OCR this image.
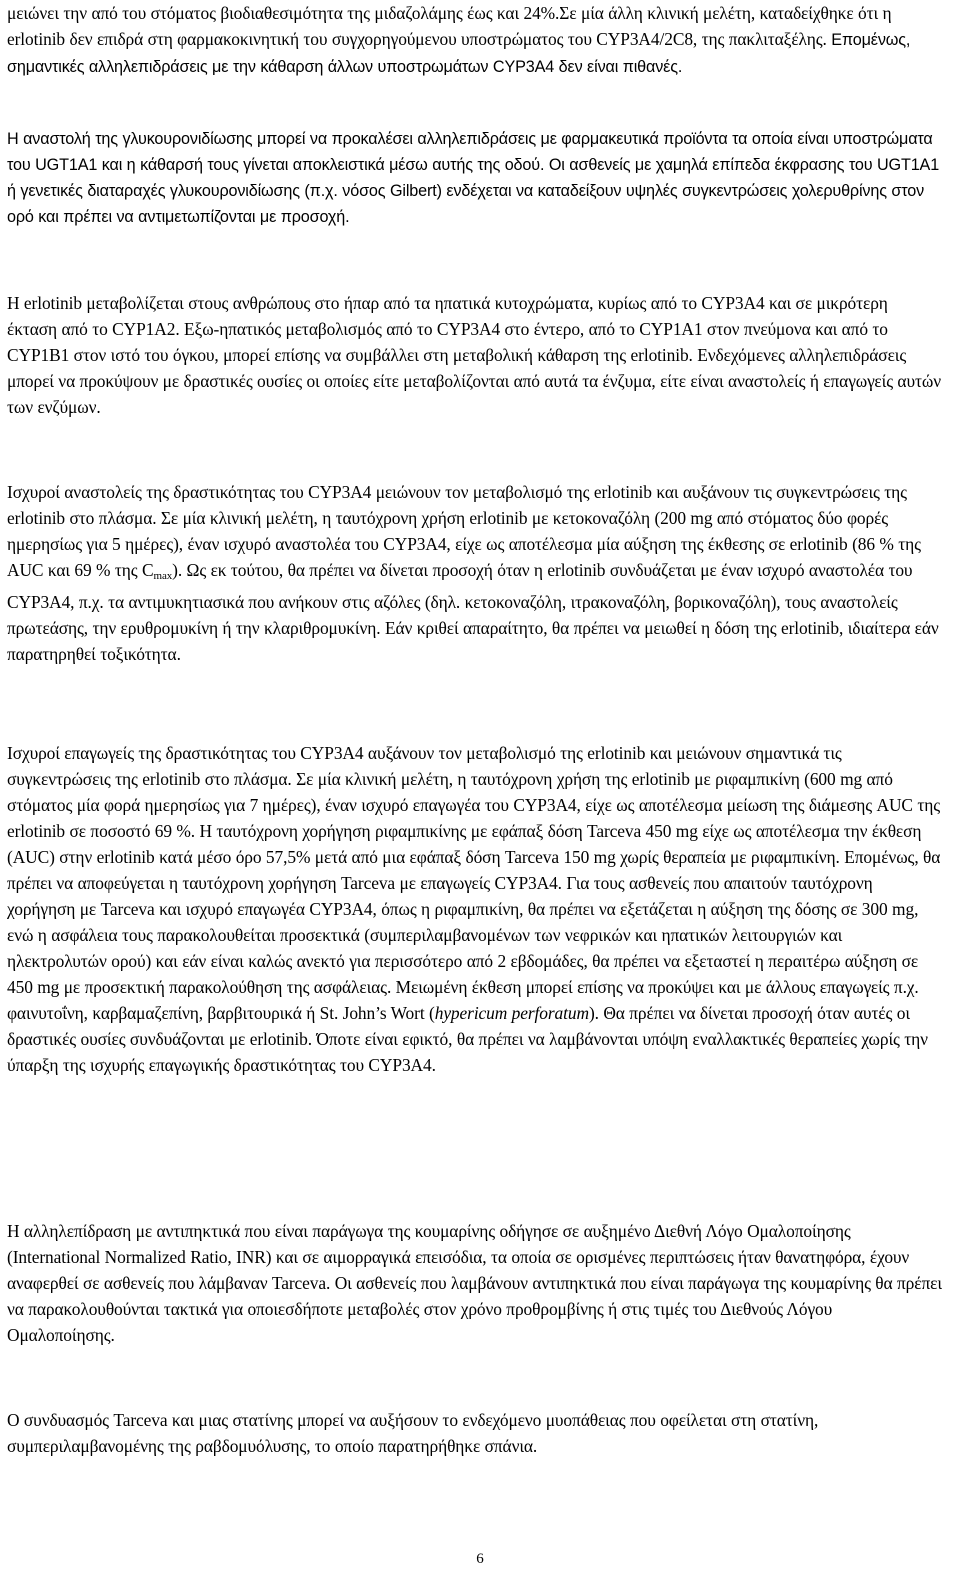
μειώνει την από του στόματος βιοδιαθεσιμότητα της μιδαζολάμης έως και 24%.Σε μία άλλη κλινική μελέτη, καταδείχθηκε ότι η erlotinib δεν επιδρά στη φαρμακοκινητική του συγχορηγούμενου υποστρώματος του CYP3A4/2C8, της πακλιταξέλης. Επομένως, σημαντικές αλληλεπιδράσεις με την κάθαρση άλλων υποστρωμάτων CYP3A4 δεν είναι πιθανές.

Η αναστολή της γλυκουρονιδίωσης μπορεί να προκαλέσει αλληλεπιδράσεις με φαρμακευτικά προϊόντα τα οποία είναι υποστρώματα του UGT1A1 και η κάθαρσή τους γίνεται αποκλειστικά μέσω αυτής της οδού. Οι ασθενείς με χαμηλά επίπεδα έκφρασης του UGT1A1 ή γενετικές διαταραχές γλυκουρονιδίωσης (π.χ. νόσος Gilbert) ενδέχεται να καταδείξουν υψηλές συγκεντρώσεις χολερυθρίνης στον ορό και πρέπει να αντιμετωπίζονται με προσοχή.

Η erlotinib μεταβολίζεται στους ανθρώπους στο ήπαρ από τα ηπατικά κυτοχρώματα, κυρίως από το CYP3A4 και σε μικρότερη έκταση από το CYP1A2. Εξω-ηπατικός μεταβολισμός από το CYP3A4 στο έντερο, από το CYP1A1 στον πνεύμονα και από το CYP1B1 στον ιστό του όγκου, μπορεί επίσης να συμβάλλει στη μεταβολική κάθαρση της erlotinib. Ενδεχόμενες αλληλεπιδράσεις μπορεί να προκύψουν με δραστικές ουσίες οι οποίες είτε μεταβολίζονται από αυτά τα ένζυμα, είτε είναι αναστολείς ή επαγωγείς αυτών των ενζύμων.

Ισχυροί αναστολείς της δραστικότητας του CYP3A4 μειώνουν τον μεταβολισμό της erlotinib και αυξάνουν τις συγκεντρώσεις της erlotinib στο πλάσμα. Σε μία κλινική μελέτη, η ταυτόχρονη χρήση erlotinib με κετοκοναζόλη (200 mg από στόματος δύο φορές ημερησίως για 5 ημέρες), έναν ισχυρό αναστολέα του CYP3A4, είχε ως αποτέλεσμα μία αύξηση της έκθεσης σε erlotinib (86 % της AUC και 69 % της $C_{max}$). Ως εκ τούτου, θα πρέπει να δίνεται προσοχή όταν η erlotinib συνδυάζεται με έναν ισχυρό αναστολέα του CYP3A4, π.χ. τα αντιμυκητιασικά που ανήκουν στις αζόλες (δηλ. κετοκοναζόλη, ιτρακοναζόλη, βορικοναζόλη), τους αναστολείς πρωτεάσης, την ερυθρομυκίνη ή την κλαριθρομυκίνη. Εάν κριθεί απαραίτητο, θα πρέπει να μειωθεί η δόση της erlotinib, ιδιαίτερα εάν παρατηρηθεί τοξικότητα.

Ισχυροί επαγωγείς της δραστικότητας του CYP3A4 αυξάνουν τον μεταβολισμό της erlotinib και μειώνουν σημαντικά τις συγκεντρώσεις της erlotinib στο πλάσμα. Σε μία κλινική μελέτη, η ταυτόχρονη χρήση της erlotinib με ριφαμπικίνη (600 mg από στόματος μία φορά ημερησίως για 7 ημέρες), έναν ισχυρό επαγωγέα του CYP3A4, είχε ως αποτέλεσμα μείωση της διάμεσης AUC της erlotinib σε ποσοστό 69 %. Η ταυτόχρονη χορήγηση ριφαμπικίνης με εφάπαξ δόση Tarceva 450 mg είχε ως αποτέλεσμα την έκθεση (AUC) στην erlotinib κατά μέσο όρο 57,5% μετά από μια εφάπαξ δόση Tarceva 150 mg χωρίς θεραπεία με ριφαμπικίνη. Επομένως, θα πρέπει να αποφεύγεται η ταυτόχρονη χορήγηση Tarceva με επαγωγείς CYP3A4. Για τους ασθενείς που απαιτούν ταυτόχρονη χορήγηση με Tarceva και ισχυρό επαγωγέα CYP3A4, όπως η ριφαμπικίνη, θα πρέπει να εξετάζεται η αύξηση της δόσης σε 300 mg, ενώ η ασφάλεια τους παρακολουθείται προσεκτικά (συμπεριλαμβανομένων των νεφρικών και ηπατικών λειτουργιών και ηλεκτρολυτών ορού) και εάν είναι καλώς ανεκτό για περισσότερο από 2 εβδομάδες, θα πρέπει να εξεταστεί η περαιτέρω αύξηση σε 450 mg με προσεκτική παρακολούθηση της ασφάλειας. Μειωμένη έκθεση μπορεί επίσης να προκύψει και με άλλους επαγωγείς π.χ. φαινυτοΐνη, καρβαμαζεπίνη, βαρβιτουρικά ή St. John’s Wort (hypericum perforatum). Θα πρέπει να δίνεται προσοχή όταν αυτές οι δραστικές ουσίες συνδυάζονται με erlotinib. Όποτε είναι εφικτό, θα πρέπει να λαμβάνονται υπόψη εναλλακτικές θεραπείες χωρίς την ύπαρξη της ισχυρής επαγωγικής δραστικότητας του CYP3A4.

Η αλληλεπίδραση με αντιπηκτικά που είναι παράγωγα της κουμαρίνης οδήγησε σε αυξημένο Διεθνή Λόγο Ομαλοποίησης (International Normalized Ratio, INR) και σε αιμορραγικά επεισόδια, τα οποία σε ορισμένες περιπτώσεις ήταν θανατηφόρα, έχουν αναφερθεί σε ασθενείς που λάμβαναν Tarceva. Οι ασθενείς που λαμβάνουν αντιπηκτικά που είναι παράγωγα της κουμαρίνης θα πρέπει να παρακολουθούνται τακτικά για οποιεσδήποτε μεταβολές στον χρόνο προθρομβίνης ή στις τιμές του Διεθνούς Λόγου Ομαλοποίησης.

Ο συνδυασμός Tarceva και μιας στατίνης μπορεί να αυξήσουν το ενδεχόμενο μυοπάθειας που οφείλεται στη στατίνη, συμπεριλαμβανομένης της ραβδομυόλυσης, το οποίο παρατηρήθηκε σπάνια.

6
